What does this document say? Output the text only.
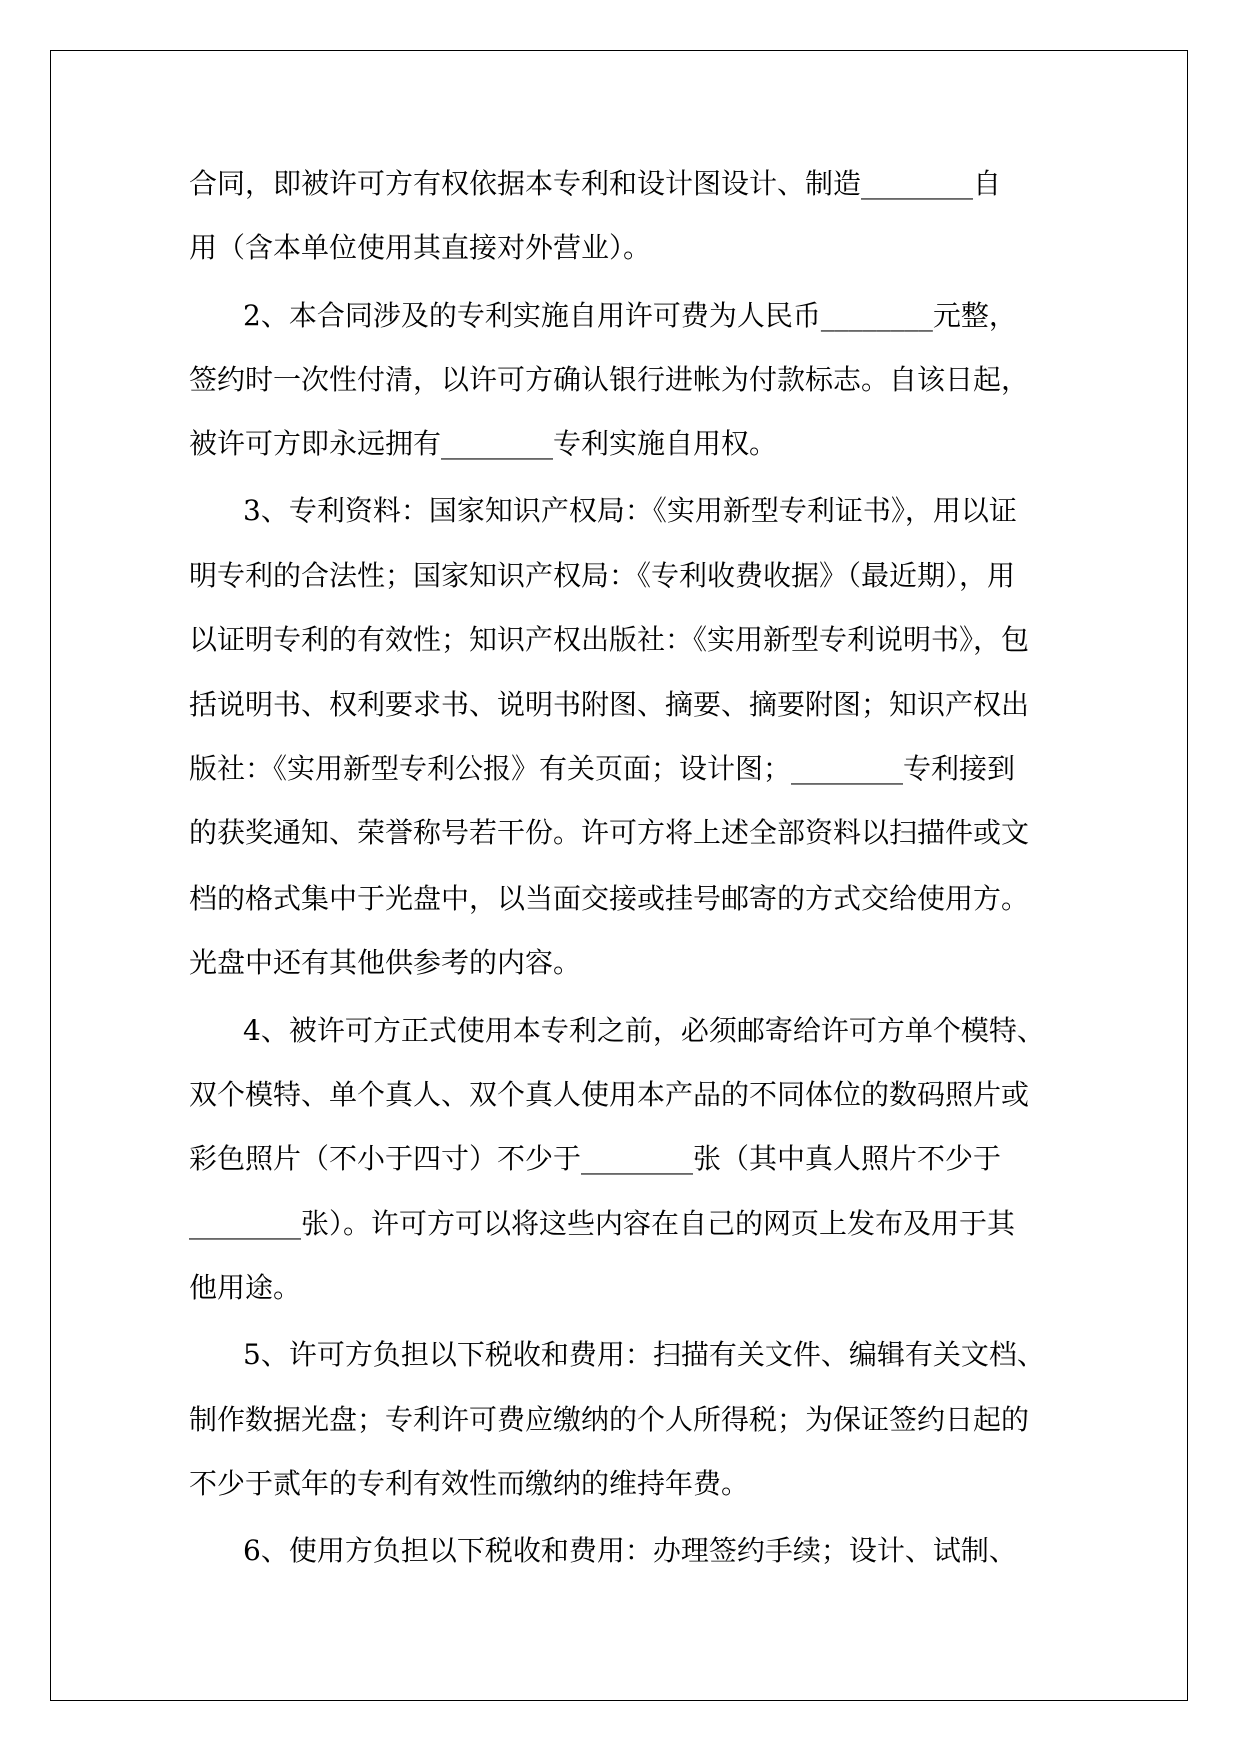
合同，即被许可方有权依据本专利和设计图设计、制造________自

用（含本单位使用其直接对外营业）。

2、本合同涉及的专利实施自用许可费为人民币________元整，

签约时一次性付清，以许可方确认银行进帐为付款标志。自该日起，

被许可方即永远拥有________专利实施自用权。

3、专利资料：国家知识产权局：《实用新型专利证书》，用以证

明专利的合法性；国家知识产权局：《专利收费收据》（最近期），用

以证明专利的有效性；知识产权出版社：《实用新型专利说明书》，包

括说明书、权利要求书、说明书附图、摘要、摘要附图；知识产权出

版社：《实用新型专利公报》有关页面；设计图；________专利接到

的获奖通知、荣誉称号若干份。许可方将上述全部资料以扫描件或文

档的格式集中于光盘中，以当面交接或挂号邮寄的方式交给使用方。

光盘中还有其他供参考的内容。

4、被许可方正式使用本专利之前，必须邮寄给许可方单个模特、

双个模特、单个真人、双个真人使用本产品的不同体位的数码照片或

彩色照片（不小于四寸）不少于________张（其中真人照片不少于

________张）。许可方可以将这些内容在自己的网页上发布及用于其

他用途。

5、许可方负担以下税收和费用：扫描有关文件、编辑有关文档、

制作数据光盘；专利许可费应缴纳的个人所得税；为保证签约日起的

不少于贰年的专利有效性而缴纳的维持年费。

6、使用方负担以下税收和费用：办理签约手续；设计、试制、
